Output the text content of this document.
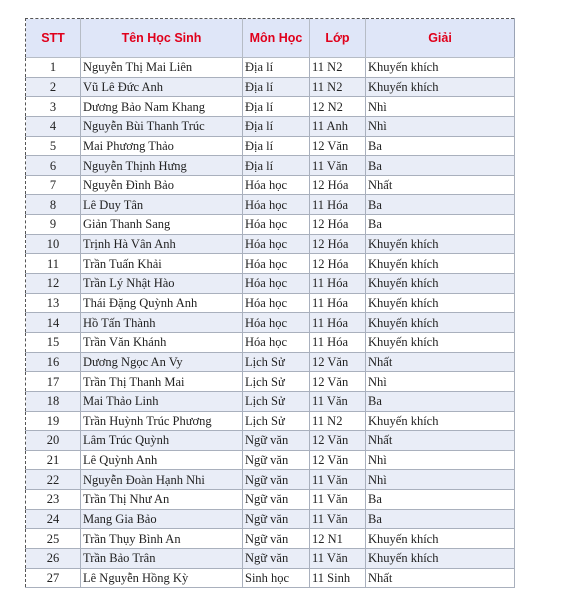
STT	Tên Học Sinh	Môn Học	Lớp	Giải
1	Nguyễn Thị Mai Liên	Địa lí	11 N2	Khuyến khích
2	Vũ Lê Đức Anh	Địa lí	11 N2	Khuyến khích
3	Dương Bảo Nam Khang	Địa lí	12 N2	Nhì
4	Nguyễn Bùi Thanh Trúc	Địa lí	11 Anh	Nhì
5	Mai Phương Thảo	Địa lí	12 Văn	Ba
6	Nguyễn Thịnh Hưng	Địa lí	11 Văn	Ba
7	Nguyễn Đình Bảo	Hóa học	12 Hóa	Nhất
8	Lê Duy Tân	Hóa học	11 Hóa	Ba
9	Giản Thanh Sang	Hóa học	12 Hóa	Ba
10	Trịnh Hà Vân Anh	Hóa học	12 Hóa	Khuyến khích
11	Trần Tuấn Khải	Hóa học	12 Hóa	Khuyến khích
12	Trần Lý Nhật Hào	Hóa học	11 Hóa	Khuyến khích
13	Thái Đặng Quỳnh Anh	Hóa học	11 Hóa	Khuyến khích
14	Hồ Tấn Thành	Hóa học	11 Hóa	Khuyến khích
15	Trần Văn Khánh	Hóa học	11 Hóa	Khuyến khích
16	Dương Ngọc An Vy	Lịch Sử	12 Văn	Nhất
17	Trần Thị Thanh Mai	Lịch Sử	12 Văn	Nhì
18	Mai Thảo Linh	Lịch Sử	11 Văn	Ba
19	Trần Huỳnh Trúc Phương	Lịch Sử	11 N2	Khuyến khích
20	Lâm Trúc Quỳnh	Ngữ văn	12 Văn	Nhất
21	Lê Quỳnh Anh	Ngữ văn	12 Văn	Nhì
22	Nguyễn Đoàn Hạnh Nhi	Ngữ văn	11 Văn	Nhì
23	Trần Thị Như An	Ngữ văn	11 Văn	Ba
24	Mang Gia Bảo	Ngữ văn	11 Văn	Ba
25	Trần Thụy Bình An	Ngữ văn	12 N1	Khuyến khích
26	Trần Bảo Trân	Ngữ văn	11 Văn	Khuyến khích
27	Lê Nguyễn Hồng Kỳ	Sinh học	11 Sinh	Nhất
